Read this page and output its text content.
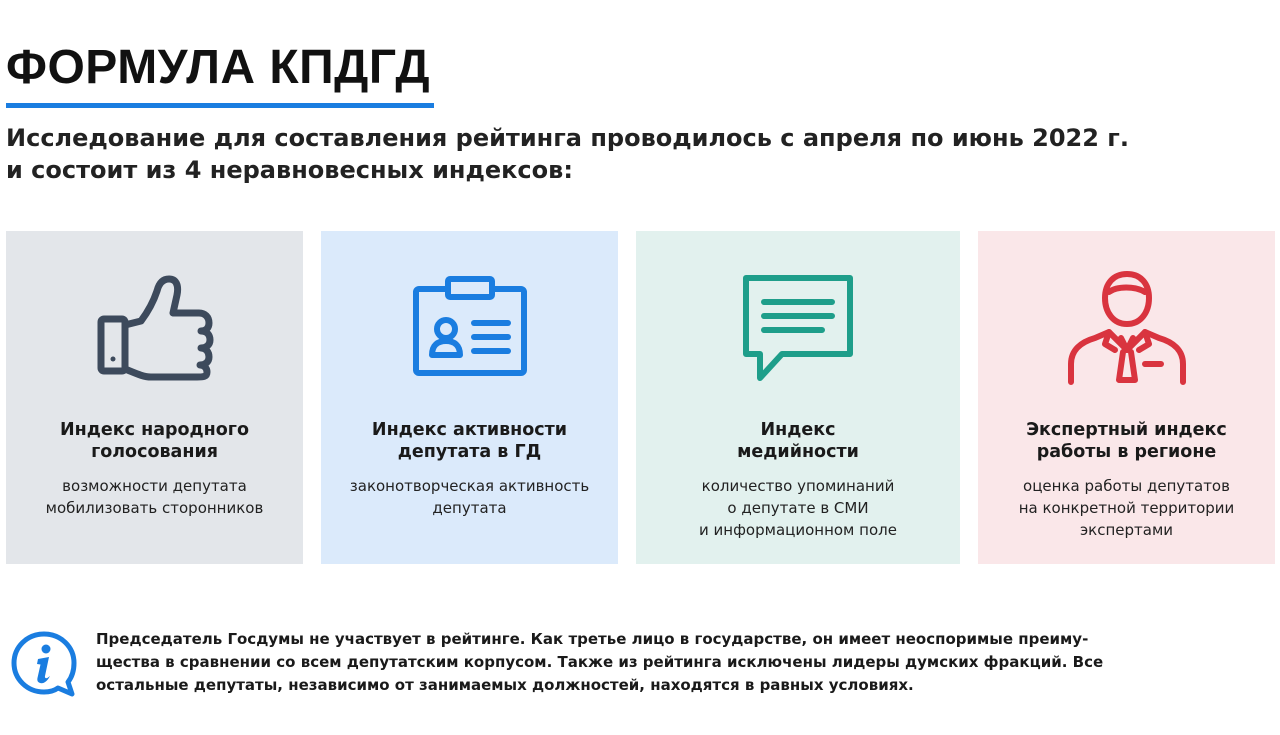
ФОРМУЛА КПДГД

Исследование для составления рейтинга проводилось с апреля по июнь 2022 г.
и состоит из 4 неравновесных индексов:

Индекс народного
голосования
возможности депутата
мобилизовать сторонников
Индекс активности
депутата в ГД
законотворческая активность
депутата
Индекс
медийности
количество упоминаний
о депутате в СМИ
и информационном поле
Экспертный индекс
работы в регионе
оценка работы депутатов
на конкретной территории
экспертами
Председатель Госдумы не участвует в рейтинге. Как третье лицо в государстве, он имеет неоспоримые преиму-
щества в сравнении со всем депутатским корпусом. Также из рейтинга исключены лидеры думских фракций. Все
остальные депутаты, независимо от занимаемых должностей, находятся в равных условиях.
